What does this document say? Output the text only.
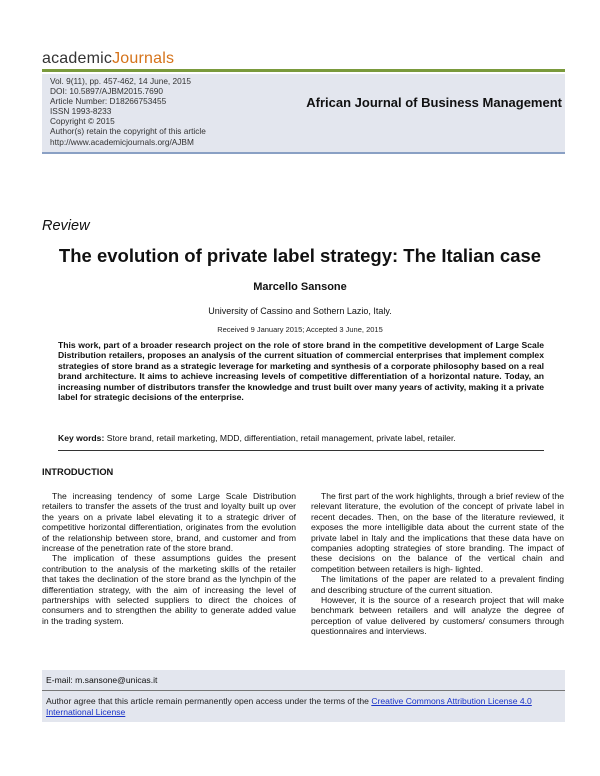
academicJournals
Vol. 9(11), pp. 457-462, 14 June, 2015
DOI: 10.5897/AJBM2015.7690
Article Number: D18266753455
ISSN 1993-8233
Copyright © 2015
Author(s) retain the copyright of this article
http://www.academicjournals.org/AJBM
African Journal of Business Management
Review
The evolution of private label strategy: The Italian case
Marcello Sansone
University of Cassino and Sothern Lazio, Italy.
Received 9 January 2015; Accepted 3 June, 2015

This work, part of a broader research project on the role of store brand in the competitive development of Large Scale Distribution retailers, proposes an analysis of the current situation of commercial enterprises that implement complex strategies of store brand as a strategic leverage for marketing and synthesis of a corporate philosophy based on a real brand architecture. It aims to achieve increasing levels of competitive differentiation of a horizontal nature. Today, an increasing number of distributors transfer the knowledge and trust built over many years of activity, making it a private label for strategic decisions of the enterprise.

Key words: Store brand, retail marketing, MDD, differentiation, retail management, private label, retailer.

INTRODUCTION

The increasing tendency of some Large Scale Distribution retailers to transfer the assets of the trust and loyalty built up over the years on a private label elevating it to a strategic driver of competitive horizontal differentiation, originates from the evolution of the relationship between store, brand, and customer and from increase of the penetration rate of the store brand.

The implication of these assumptions guides the present contribution to the analysis of the marketing skills of the retailer that takes the declination of the store brand as the lynchpin of the differentiation strategy, with the aim of increasing the level of partnerships with selected suppliers to direct the choices of consumers and to strengthen the ability to generate added value in the trading system.

The first part of the work highlights, through a brief review of the relevant literature, the evolution of the concept of private label in recent decades. Then, on the base of the literature reviewed, it exposes the more intelligible data about the current state of the private label in Italy and the implications that these data have on companies adopting strategies of store branding. The impact of these decisions on the balance of the vertical chain and competition between retailers is high- lighted.

The limitations of the paper are related to a prevalent finding and describing structure of the current situation.

However, it is the source of a research project that will make benchmark between retailers and will analyze the degree of perception of value delivered by customers/ consumers through questionnaires and interviews.

E-mail: m.sansone@unicas.it

Author agree that this article remain permanently open access under the terms of the Creative Commons Attribution License 4.0 International License
